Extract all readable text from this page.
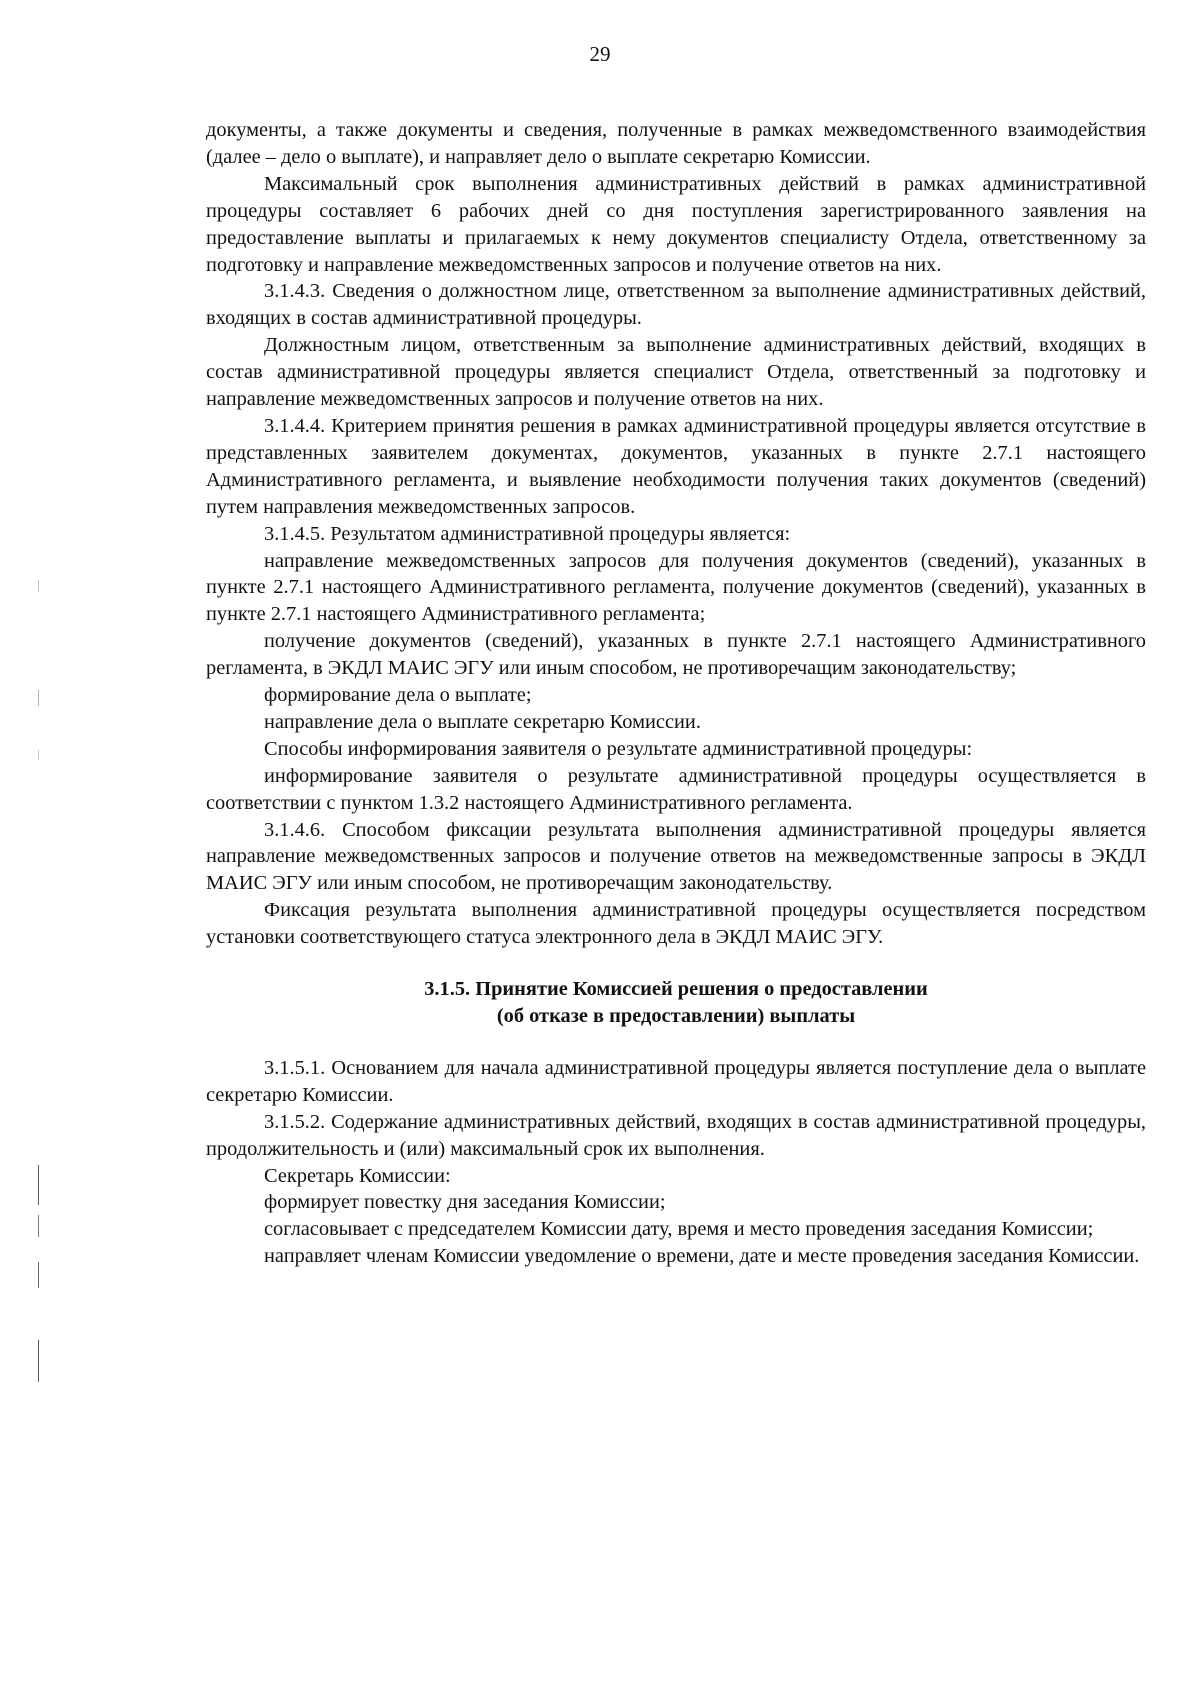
29

документы, а также документы и сведения, полученные в рамках межведомственного взаимодействия (далее – дело о выплате), и направляет дело о выплате секретарю Комиссии.

Максимальный срок выполнения административных действий в рамках административной процедуры составляет 6 рабочих дней со дня поступления зарегистрированного заявления на предоставление выплаты и прилагаемых к нему документов специалисту Отдела, ответственному за подготовку и направление межведомственных запросов и получение ответов на них.

3.1.4.3. Сведения о должностном лице, ответственном за выполнение административных действий, входящих в состав административной процедуры.

Должностным лицом, ответственным за выполнение административных действий, входящих в состав административной процедуры является специалист Отдела, ответственный за подготовку и направление межведомственных запросов и получение ответов на них.

3.1.4.4. Критерием принятия решения в рамках административной процедуры является отсутствие в представленных заявителем документах, документов, указанных в пункте 2.7.1 настоящего Административного регламента, и выявление необходимости получения таких документов (сведений) путем направления межведомственных запросов.

3.1.4.5. Результатом административной процедуры является:

направление межведомственных запросов для получения документов (сведений), указанных в пункте 2.7.1 настоящего Административного регламента, получение документов (сведений), указанных в пункте 2.7.1 настоящего Административного регламента;

получение документов (сведений), указанных в пункте 2.7.1 настоящего Административного регламента, в ЭКДЛ МАИС ЭГУ или иным способом, не противоречащим законодательству;

формирование дела о выплате;

направление дела о выплате секретарю Комиссии.

Способы информирования заявителя о результате административной процедуры:

информирование заявителя о результате административной процедуры осуществляется в соответствии с пунктом 1.3.2 настоящего Административного регламента.

3.1.4.6. Способом фиксации результата выполнения административной процедуры является направление межведомственных запросов и получение ответов на межведомственные запросы в ЭКДЛ МАИС ЭГУ или иным способом, не противоречащим законодательству.

Фиксация результата выполнения административной процедуры осуществляется посредством установки соответствующего статуса электронного дела в ЭКДЛ МАИС ЭГУ.

3.1.5. Принятие Комиссией решения о предоставлении
(об отказе в предоставлении) выплаты

3.1.5.1. Основанием для начала административной процедуры является поступление дела о выплате секретарю Комиссии.

3.1.5.2. Содержание административных действий, входящих в состав административной процедуры, продолжительность и (или) максимальный срок их выполнения.

Секретарь Комиссии:

формирует повестку дня заседания Комиссии;

согласовывает с председателем Комиссии дату, время и место проведения заседания Комиссии;

направляет членам Комиссии уведомление о времени, дате и месте проведения заседания Комиссии.
